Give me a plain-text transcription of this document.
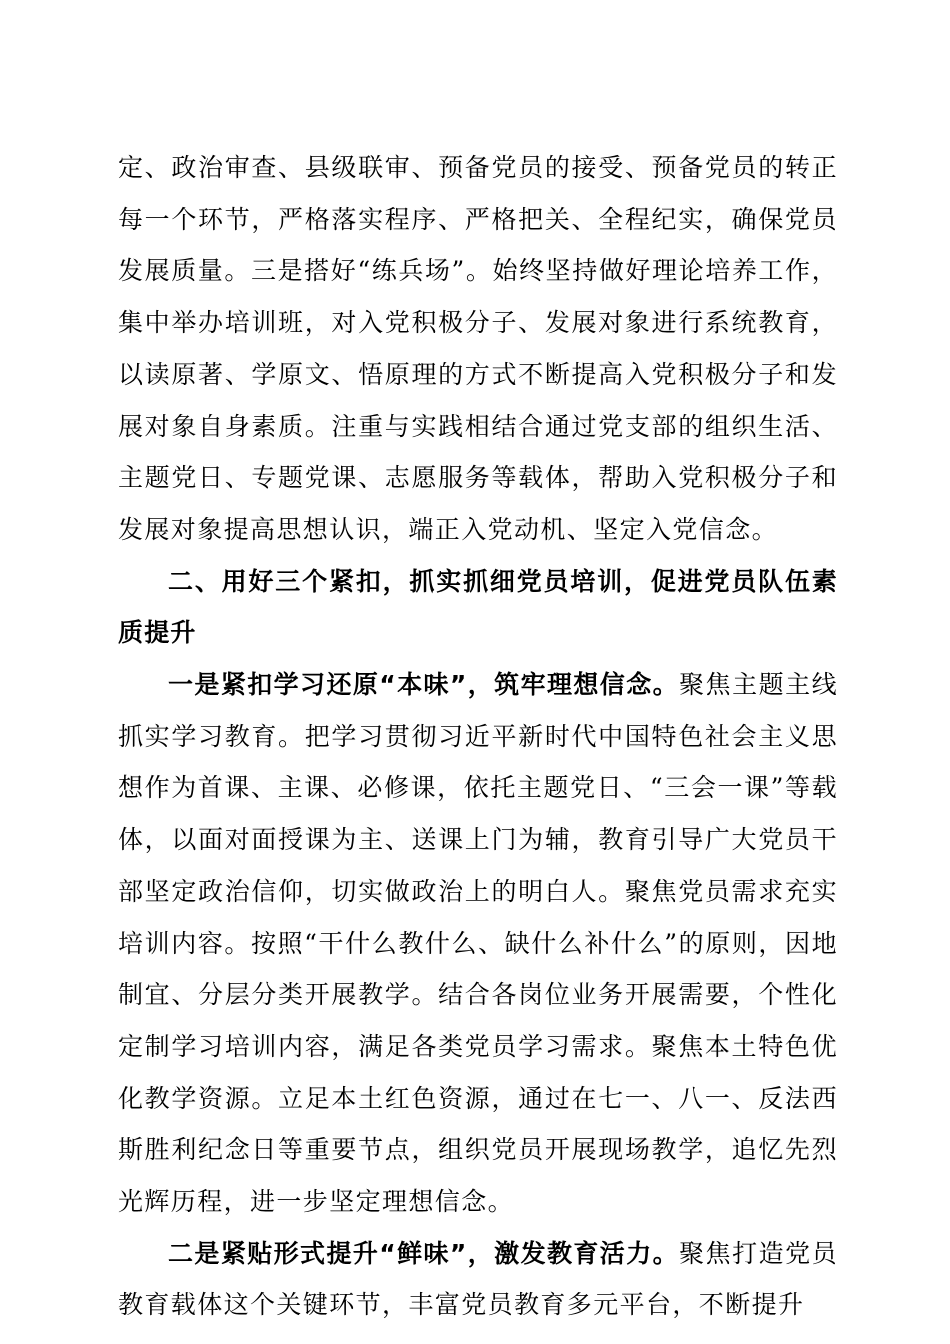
定、政治审查、县级联审、预备党员的接受、预备党员的转正每一个环节，严格落实程序、严格把关、全程纪实，确保党员发展质量。三是搭好“练兵场”。始终坚持做好理论培养工作，集中举办培训班，对入党积极分子、发展对象进行系统教育，以读原著、学原文、悟原理的方式不断提高入党积极分子和发展对象自身素质。注重与实践相结合通过党支部的组织生活、主题党日、专题党课、志愿服务等载体，帮助入党积极分子和发展对象提高思想认识，端正入党动机、坚定入党信念。

二、用好三个紧扣，抓实抓细党员培训，促进党员队伍素质提升

一是紧扣学习还原“本味”，筑牢理想信念。聚焦主题主线抓实学习教育。把学习贯彻习近平新时代中国特色社会主义思想作为首课、主课、必修课，依托主题党日、“三会一课”等载体，以面对面授课为主、送课上门为辅，教育引导广大党员干部坚定政治信仰，切实做政治上的明白人。聚焦党员需求充实培训内容。按照“干什么教什么、缺什么补什么”的原则，因地制宜、分层分类开展教学。结合各岗位业务开展需要，个性化定制学习培训内容，满足各类党员学习需求。聚焦本土特色优化教学资源。立足本土红色资源，通过在七一、八一、反法西斯胜利纪念日等重要节点，组织党员开展现场教学，追忆先烈光辉历程，进一步坚定理想信念。

二是紧贴形式提升“鲜味”，激发教育活力。聚焦打造党员教育载体这个关键环节，丰富党员教育多元平台，不断提升
